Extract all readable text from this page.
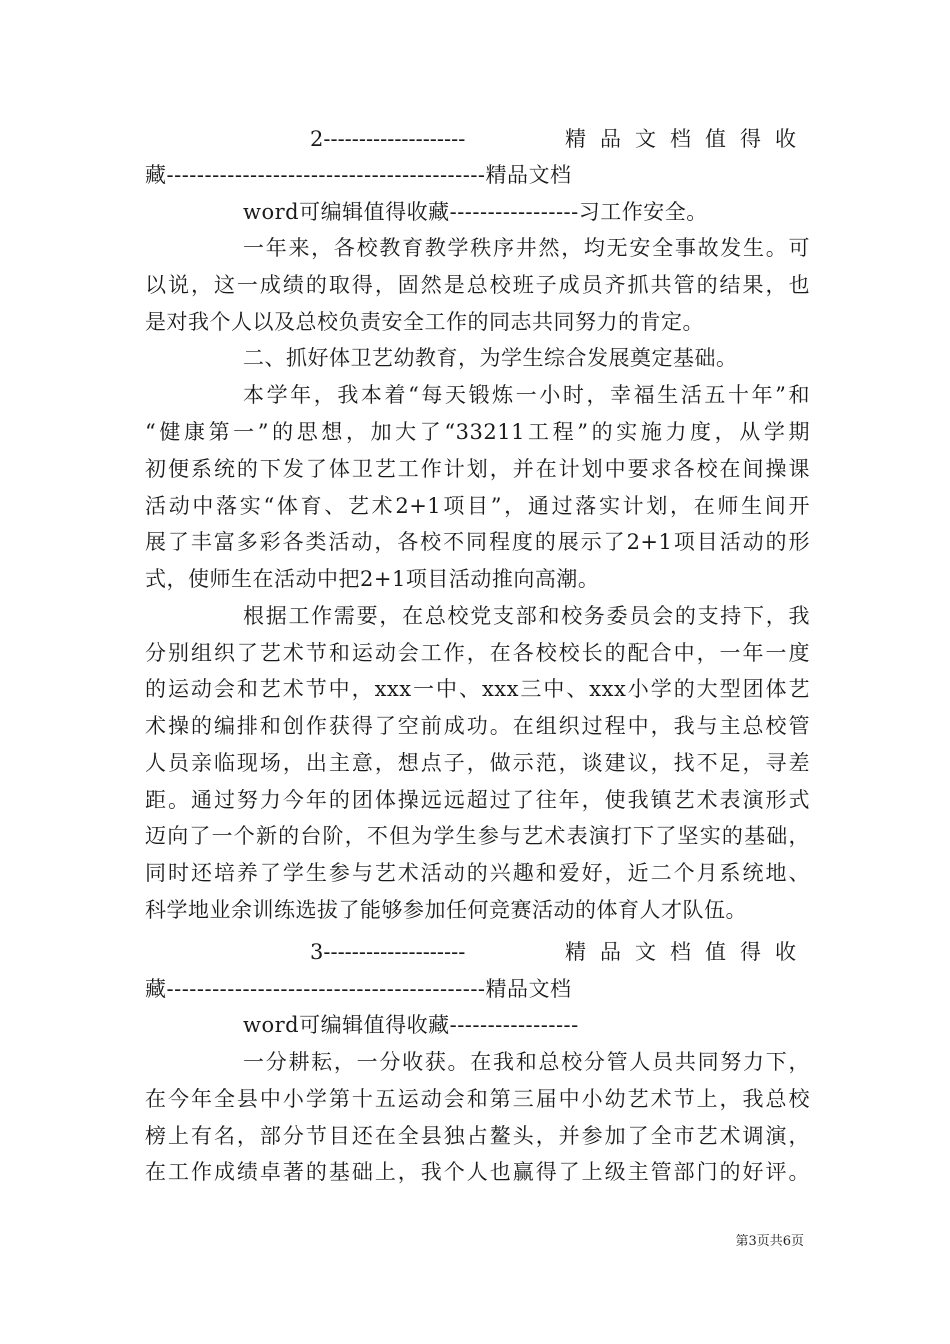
2--------------------	精品文档值得收
藏------------------------------------------精品文档
word可编辑值得收藏-----------------习工作安全。
一年来，各校教育教学秩序井然，均无安全事故发生。可
以说，这一成绩的取得，固然是总校班子成员齐抓共管的结果，也
是对我个人以及总校负责安全工作的同志共同努力的肯定。
二、抓好体卫艺幼教育，为学生综合发展奠定基础。
本学年，我本着“每天锻炼一小时，幸福生活五十年”和
“健康第一”的思想，加大了“33211工程”的实施力度，从学期
初便系统的下发了体卫艺工作计划，并在计划中要求各校在间操课
活动中落实“体育、艺术2+1项目”，通过落实计划，在师生间开
展了丰富多彩各类活动，各校不同程度的展示了2+1项目活动的形
式，使师生在活动中把2+1项目活动推向高潮。
根据工作需要，在总校党支部和校务委员会的支持下，我
分别组织了艺术节和运动会工作，在各校校长的配合中，一年一度
的运动会和艺术节中，xxx一中、xxx三中、xxx小学的大型团体艺
术操的编排和创作获得了空前成功。在组织过程中，我与主总校管
人员亲临现场，出主意，想点子，做示范，谈建议，找不足，寻差
距。通过努力今年的团体操远远超过了往年，使我镇艺术表演形式
迈向了一个新的台阶，不但为学生参与艺术表演打下了坚实的基础，
同时还培养了学生参与艺术活动的兴趣和爱好，近二个月系统地、
科学地业余训练选拔了能够参加任何竞赛活动的体育人才队伍。
3--------------------	精品文档值得收
藏------------------------------------------精品文档
word可编辑值得收藏-----------------
一分耕耘，一分收获。在我和总校分管人员共同努力下，
在今年全县中小学第十五运动会和第三届中小幼艺术节上，我总校
榜上有名，部分节目还在全县独占鳌头，并参加了全市艺术调演，
在工作成绩卓著的基础上，我个人也赢得了上级主管部门的好评。
第3页共6页
